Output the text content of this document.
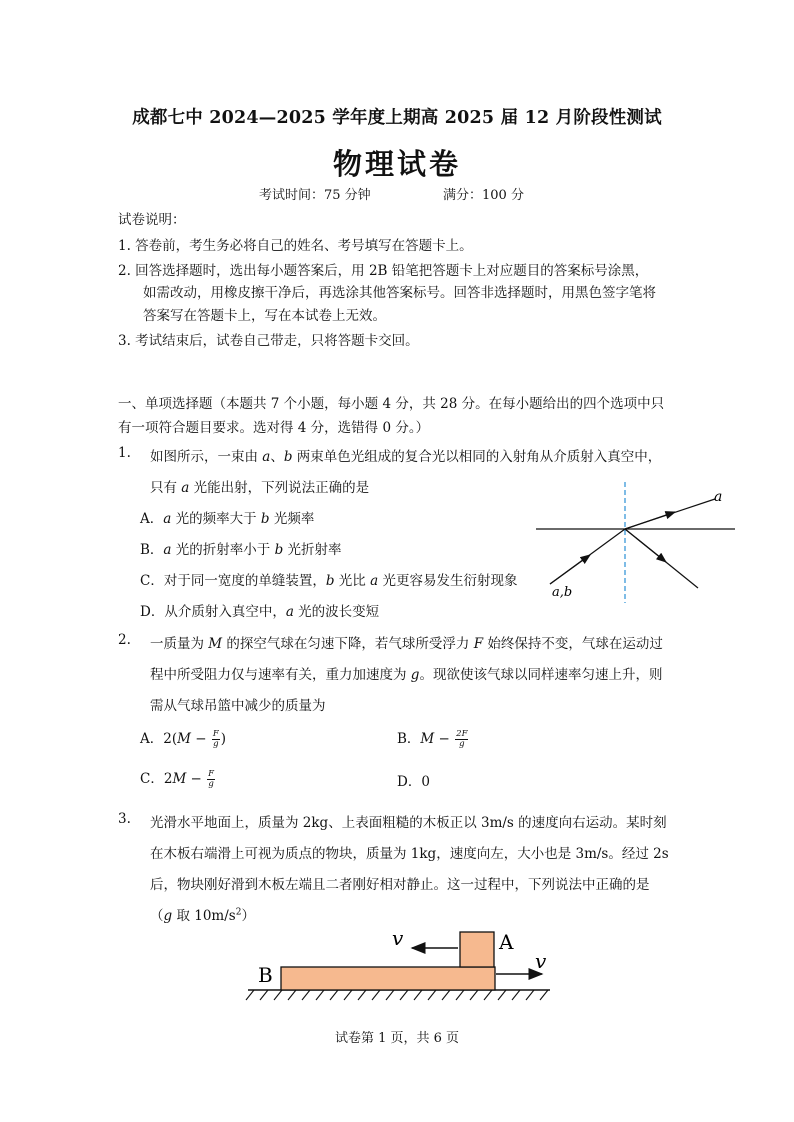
成都七中 2024—2025 学年度上期高 2025 届 12 月阶段性测试
物理试卷
考试时间：75 分钟	满分：100 分
试卷说明：
1. 答卷前，考生务必将自己的姓名、考号填写在答题卡上。
2. 回答选择题时，选出每小题答案后，用 2B 铅笔把答题卡上对应题目的答案标号涂黑，
如需改动，用橡皮擦干净后，再选涂其他答案标号。回答非选择题时，用黑色签字笔将
答案写在答题卡上，写在本试卷上无效。
3. 考试结束后，试卷自己带走，只将答题卡交回。
一、单项选择题（本题共 7 个小题，每小题 4 分，共 28 分。在每小题给出的四个选项中只
有一项符合题目要求。选对得 4 分，选错得 0 分。）
1. 如图所示，一束由 a、b 两束单色光组成的复合光以相同的入射角从介质射入真空中，
只有 a 光能出射，下列说法正确的是
A．a 光的频率大于 b 光频率
B．a 光的折射率小于 b 光折射率
C．对于同一宽度的单缝装置，b 光比 a 光更容易发生衍射现象
D．从介质射入真空中，a 光的波长变短
a
a,b
2. 一质量为 M 的探空气球在匀速下降，若气球所受浮力 F 始终保持不变，气球在运动过
程中所受阻力仅与速率有关，重力加速度为 g。现欲使该气球以同样速率匀速上升，则
需从气球吊篮中减少的质量为
A．$2(M - \frac{F}{g}$ )	B．$M - \frac{2F}{g}$
C．$2M - \frac{F}{g}$	D．0
3. 光滑水平地面上，质量为 2kg、上表面粗糙的木板正以 3m/s 的速度向右运动。某时刻
在木板右端滑上可视为质点的物块，质量为 1kg，速度向左，大小也是 3m/s。经过 2s
后，物块刚好滑到木板左端且二者刚好相对静止。这一过程中，下列说法中正确的是
（g 取 $10m/s^2$）
v
v
A
B
试卷第 1 页，共 6 页
